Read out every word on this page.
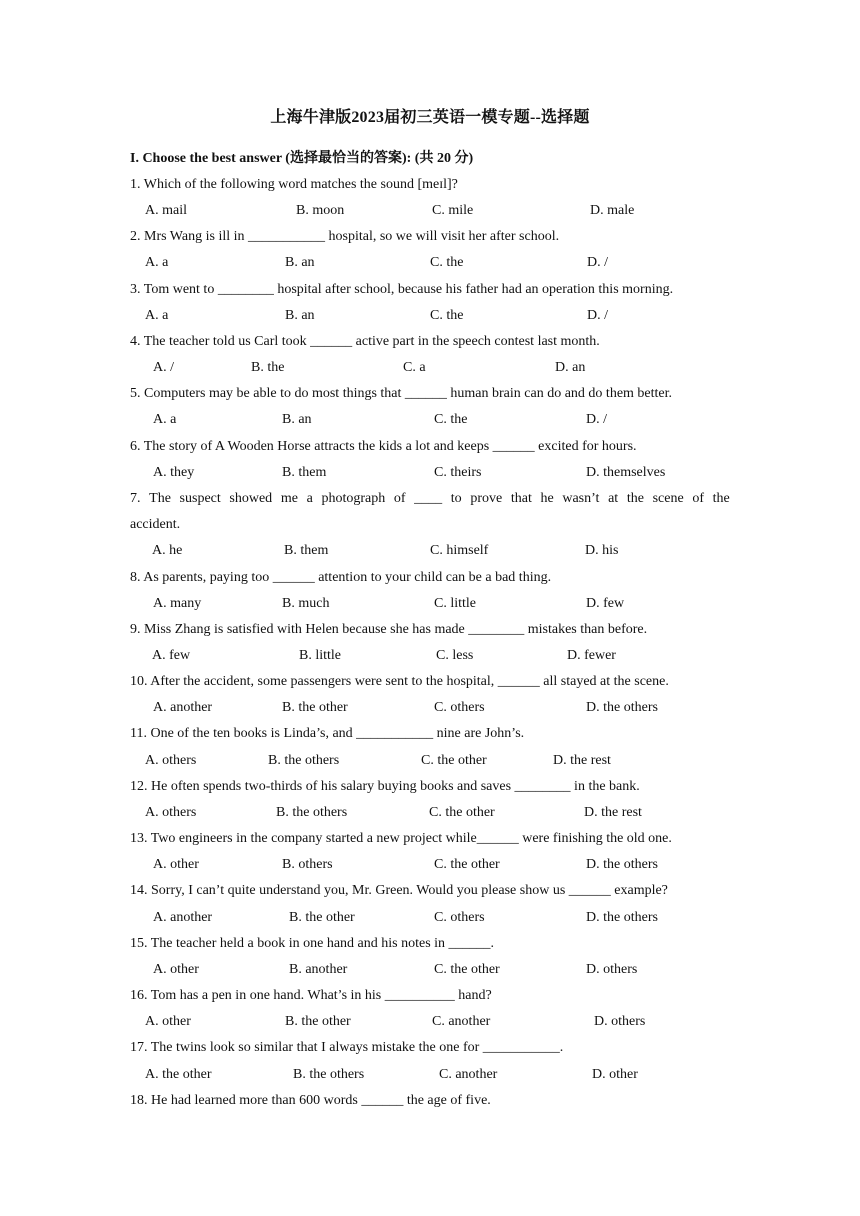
上海牛津版2023届初三英语一模专题--选择题
I. Choose the best answer (选择最恰当的答案): (共 20 分)
1. Which of the following word matches the sound [meɪl]?
A. mail	B. moon	C. mile	D. male
2. Mrs Wang is ill in ___________ hospital, so we will visit her after school.
A. a	B. an	C. the	D. /
3. Tom went to ________ hospital after school, because his father had an operation this morning.
A. a	B. an	C. the	D. /
4. The teacher told us Carl took ______ active part in the speech contest last month.
A. /	B. the	C. a	D. an
5. Computers may be able to do most things that ______ human brain can do and do them better.
A. a	B. an	C. the	D. /
6. The story of A Wooden Horse attracts the kids a lot and keeps ______ excited for hours.
A. they	B. them	C. theirs	D. themselves
7. The suspect showed me a photograph of ____ to prove that he wasn’t at the scene of the
accident.
A. he	B. them	C. himself	D. his
8. As parents, paying too ______ attention to your child can be a bad thing.
A. many	B. much	C. little	D. few
9. Miss Zhang is satisfied with Helen because she has made ________ mistakes than before.
A. few	B. little	C. less	D. fewer
10. After the accident, some passengers were sent to the hospital, ______ all stayed at the scene.
A. another	B. the other	C. others	D. the others
11. One of the ten books is Linda’s, and ___________ nine are John’s.
A. others	B. the others	C. the other	D. the rest
12. He often spends two-thirds of his salary buying books and saves ________ in the bank.
A. others	B. the others	C. the other	D. the rest
13. Two engineers in the company started a new project while______ were finishing the old one.
A. other	B. others	C. the other	D. the others
14. Sorry, I can’t quite understand you, Mr. Green. Would you please show us ______ example?
A. another	B. the other	C. others	D. the others
15. The teacher held a book in one hand and his notes in ______.
A. other	B. another	C. the other	D. others
16. Tom has a pen in one hand. What’s in his __________ hand?
A. other	B. the other	C. another	D. others
17. The twins look so similar that I always mistake the one for ___________.
A. the other	B. the others	C. another	D. other
18. He had learned more than 600 words ______ the age of five.
